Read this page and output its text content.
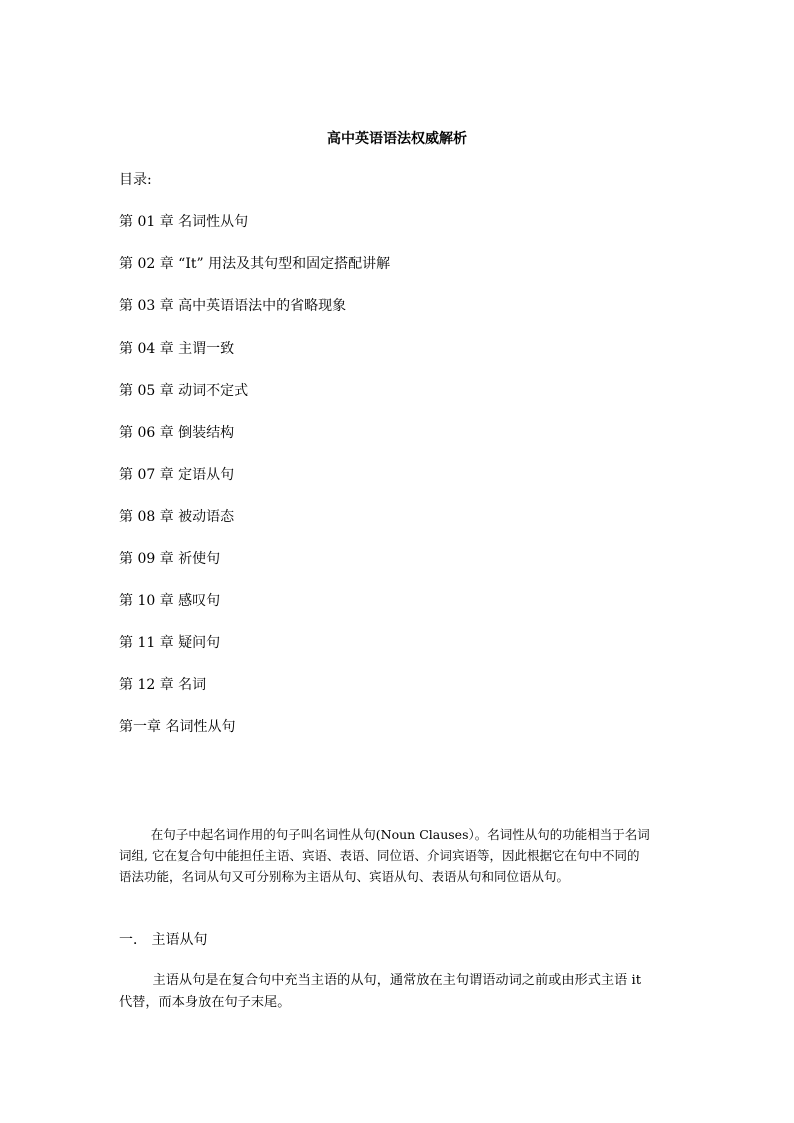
高中英语语法权威解析
目录:
第 01 章 名词性从句
第 02 章 “It” 用法及其句型和固定搭配讲解
第 03 章 高中英语语法中的省略现象
第 04 章 主谓一致
第 05 章 动词不定式
第 06 章 倒装结构
第 07 章 定语从句
第 08 章 被动语态
第 09 章 祈使句
第 10 章 感叹句
第 11 章 疑问句
第 12 章 名词
第一章 名词性从句
在句子中起名词作用的句子叫名词性从句(Noun Clauses）。名词性从句的功能相当于名词
词组, 它在复合句中能担任主语、宾语、表语、同位语、介词宾语等，因此根据它在句中不同的
语法功能，名词从句又可分别称为主语从句、宾语从句、表语从句和同位语从句。
一． 主语从句
主语从句是在复合句中充当主语的从句，通常放在主句谓语动词之前或由形式主语 it
代替，而本身放在句子末尾。
